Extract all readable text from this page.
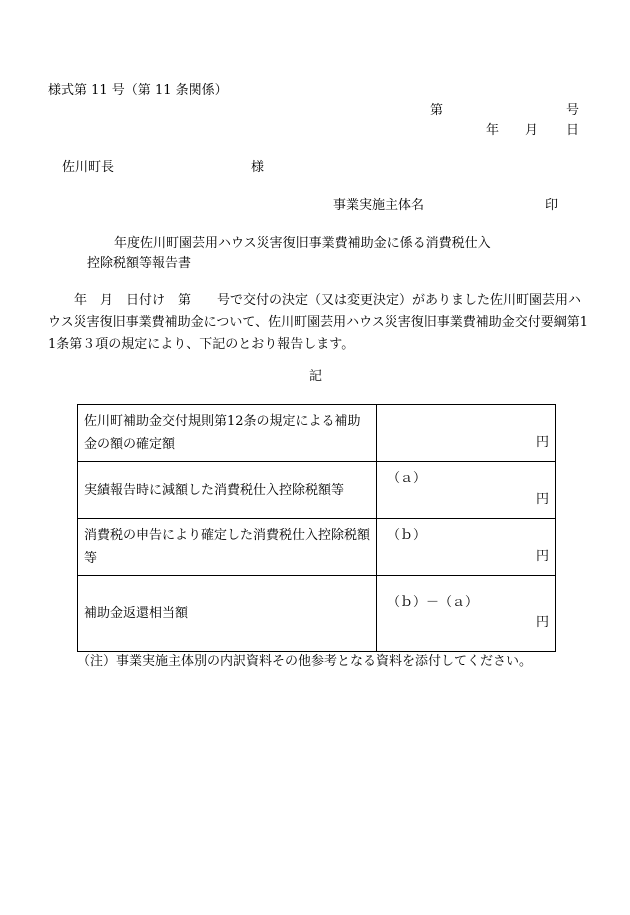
様式第 11 号（第 11 条関係）
第	号
年 月 日
佐川町長	様
事業実施主体名	印
年度佐川町園芸用ハウス災害復旧事業費補助金に係る消費税仕入
控除税額等報告書
　　年　月　日付け　第　　号で交付の決定（又は変更決定）がありました佐川町園芸用ハウス災害復旧事業費補助金について、佐川町園芸用ハウス災害復旧事業費補助金交付要綱第11条第３項の規定により、下記のとおり報告します。
記
佐川町補助金交付規則第12条の規定による補助金の額の確定額	円

実績報告時に減額した消費税仕入控除税額等	（ａ）
円

消費税の申告により確定した消費税仕入控除税額等	（ｂ）
円

補助金返還相当額	（ｂ）－（ａ）
円
（注）事業実施主体別の内訳資料その他参考となる資料を添付してください。
